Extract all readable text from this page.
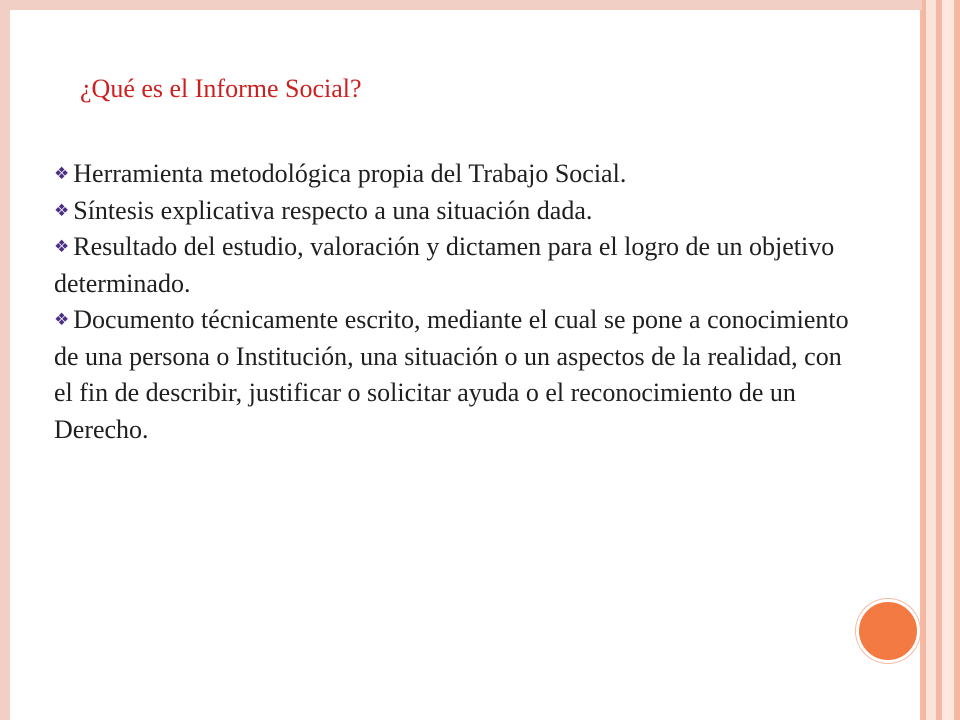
¿Qué es el Informe Social?

❖ Herramienta metodológica propia del Trabajo Social.

❖ Síntesis explicativa respecto a una situación dada.

❖ Resultado del estudio, valoración y dictamen para el logro de un objetivo determinado.

❖ Documento técnicamente escrito, mediante el cual se pone a conocimiento de una persona o Institución, una situación o un aspectos de la realidad, con el fin de describir, justificar o solicitar ayuda o el reconocimiento de un Derecho.
